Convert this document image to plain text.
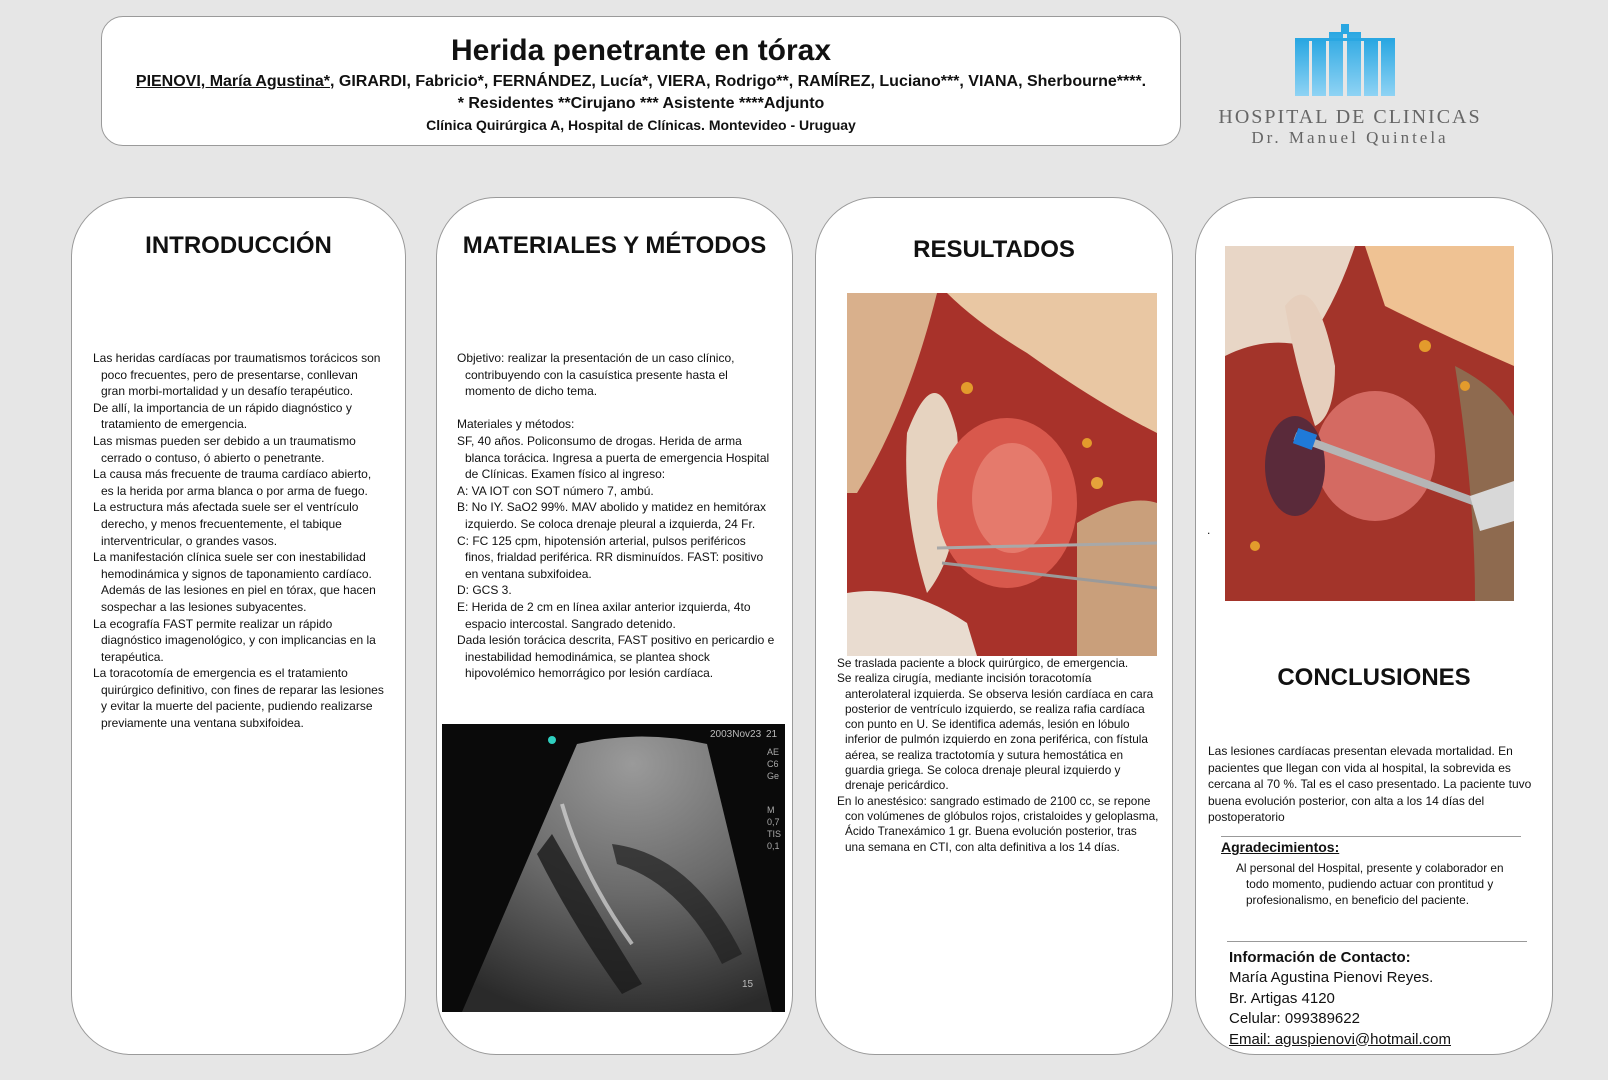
Herida penetrante en tórax
PIENOVI, María Agustina*, GIRARDI, Fabricio*, FERNÁNDEZ, Lucía*, VIERA, Rodrigo**, RAMÍREZ, Luciano***, VIANA, Sherbourne****.
* Residentes **Cirujano *** Asistente ****Adjunto
Clínica Quirúrgica A, Hospital de Clínicas. Montevideo - Uruguay	HOSPITAL DE CLINICAS
Dr. Manuel Quintela
INTRODUCCIÓN

Las heridas cardíacas por traumatismos torácicos son poco frecuentes, pero de presentarse, conllevan gran morbi-mortalidad y un desafío terapéutico.

De allí, la importancia de un rápido diagnóstico y tratamiento de emergencia.

Las mismas pueden ser debido a un traumatismo cerrado o contuso, ó abierto o penetrante.

La causa más frecuente de trauma cardíaco abierto, es la herida por arma blanca o por arma de fuego.

La estructura más afectada suele ser el ventrículo derecho, y menos frecuentemente, el tabique interventricular, o grandes vasos.

La manifestación clínica suele ser con inestabilidad hemodinámica y signos de taponamiento cardíaco. Además de las lesiones en piel en tórax, que hacen sospechar a las lesiones subyacentes.

La ecografía FAST permite realizar un rápido diagnóstico imagenológico, y con implicancias en la terapéutica.

La toracotomía de emergencia es el tratamiento quirúrgico definitivo, con fines de reparar las lesiones y evitar la muerte del paciente, pudiendo realizarse previamente una ventana subxifoidea.

MATERIALES Y MÉTODOS

Objetivo: realizar la presentación de un caso clínico, contribuyendo con la casuística presente hasta el momento de dicho tema.

Materiales y métodos:

SF, 40 años. Policonsumo de drogas. Herida de arma blanca torácica. Ingresa a puerta de emergencia Hospital de Clínicas. Examen físico al ingreso:

A: VA IOT con SOT número 7, ambú.

B: No IY. SaO2 99%. MAV abolido y matidez en hemitórax izquierdo. Se coloca drenaje pleural a izquierda, 24 Fr.

C: FC 125 cpm, hipotensión arterial, pulsos periféricos finos, frialdad periférica. RR disminuídos. FAST: positivo en ventana subxifoidea.

D: GCS 3.

E: Herida de 2 cm en línea axilar anterior izquierda, 4to espacio intercostal. Sangrado detenido.

Dada lesión torácica descrita, FAST positivo en pericardio e inestabilidad hemodinámica, se plantea shock hipovolémico hemorrágico por lesión cardíaca.

2003Nov23 21
AE
C6
Ge
M
0,7
TIS
0,1
15
RESULTADOS

Se traslada paciente a block quirúrgico, de emergencia.

Se realiza cirugía, mediante incisión toracotomía anterolateral izquierda. Se observa lesión cardíaca en cara posterior de ventrículo izquierdo, se realiza rafia cardíaca con punto en U. Se identifica además, lesión en lóbulo inferior de pulmón izquierdo en zona periférica, con fístula aérea, se realiza tractotomía y sutura hemostática en guardia griega. Se coloca drenaje pleural izquierdo y drenaje pericárdico.

En lo anestésico: sangrado estimado de 2100 cc, se repone con volúmenes de glóbulos rojos, cristaloides y geloplasma, Ácido Tranexámico 1 gr. Buena evolución posterior, tras una semana en CTI, con alta definitiva a los 14 días.

.
CONCLUSIONES
Las lesiones cardíacas presentan elevada mortalidad. En pacientes que llegan con vida al hospital, la sobrevida es cercana al 70 %. Tal es el caso presentado. La paciente tuvo buena evolución posterior, con alta a los 14 días del postoperatorio
Agradecimientos:

Al personal del Hospital, presente y colaborador en todo momento, pudiendo actuar con prontitud y profesionalismo, en beneficio del paciente.

Información de Contacto:
María Agustina Pienovi Reyes.
Br. Artigas 4120
Celular: 099389622
Email: aguspienovi@hotmail.com
